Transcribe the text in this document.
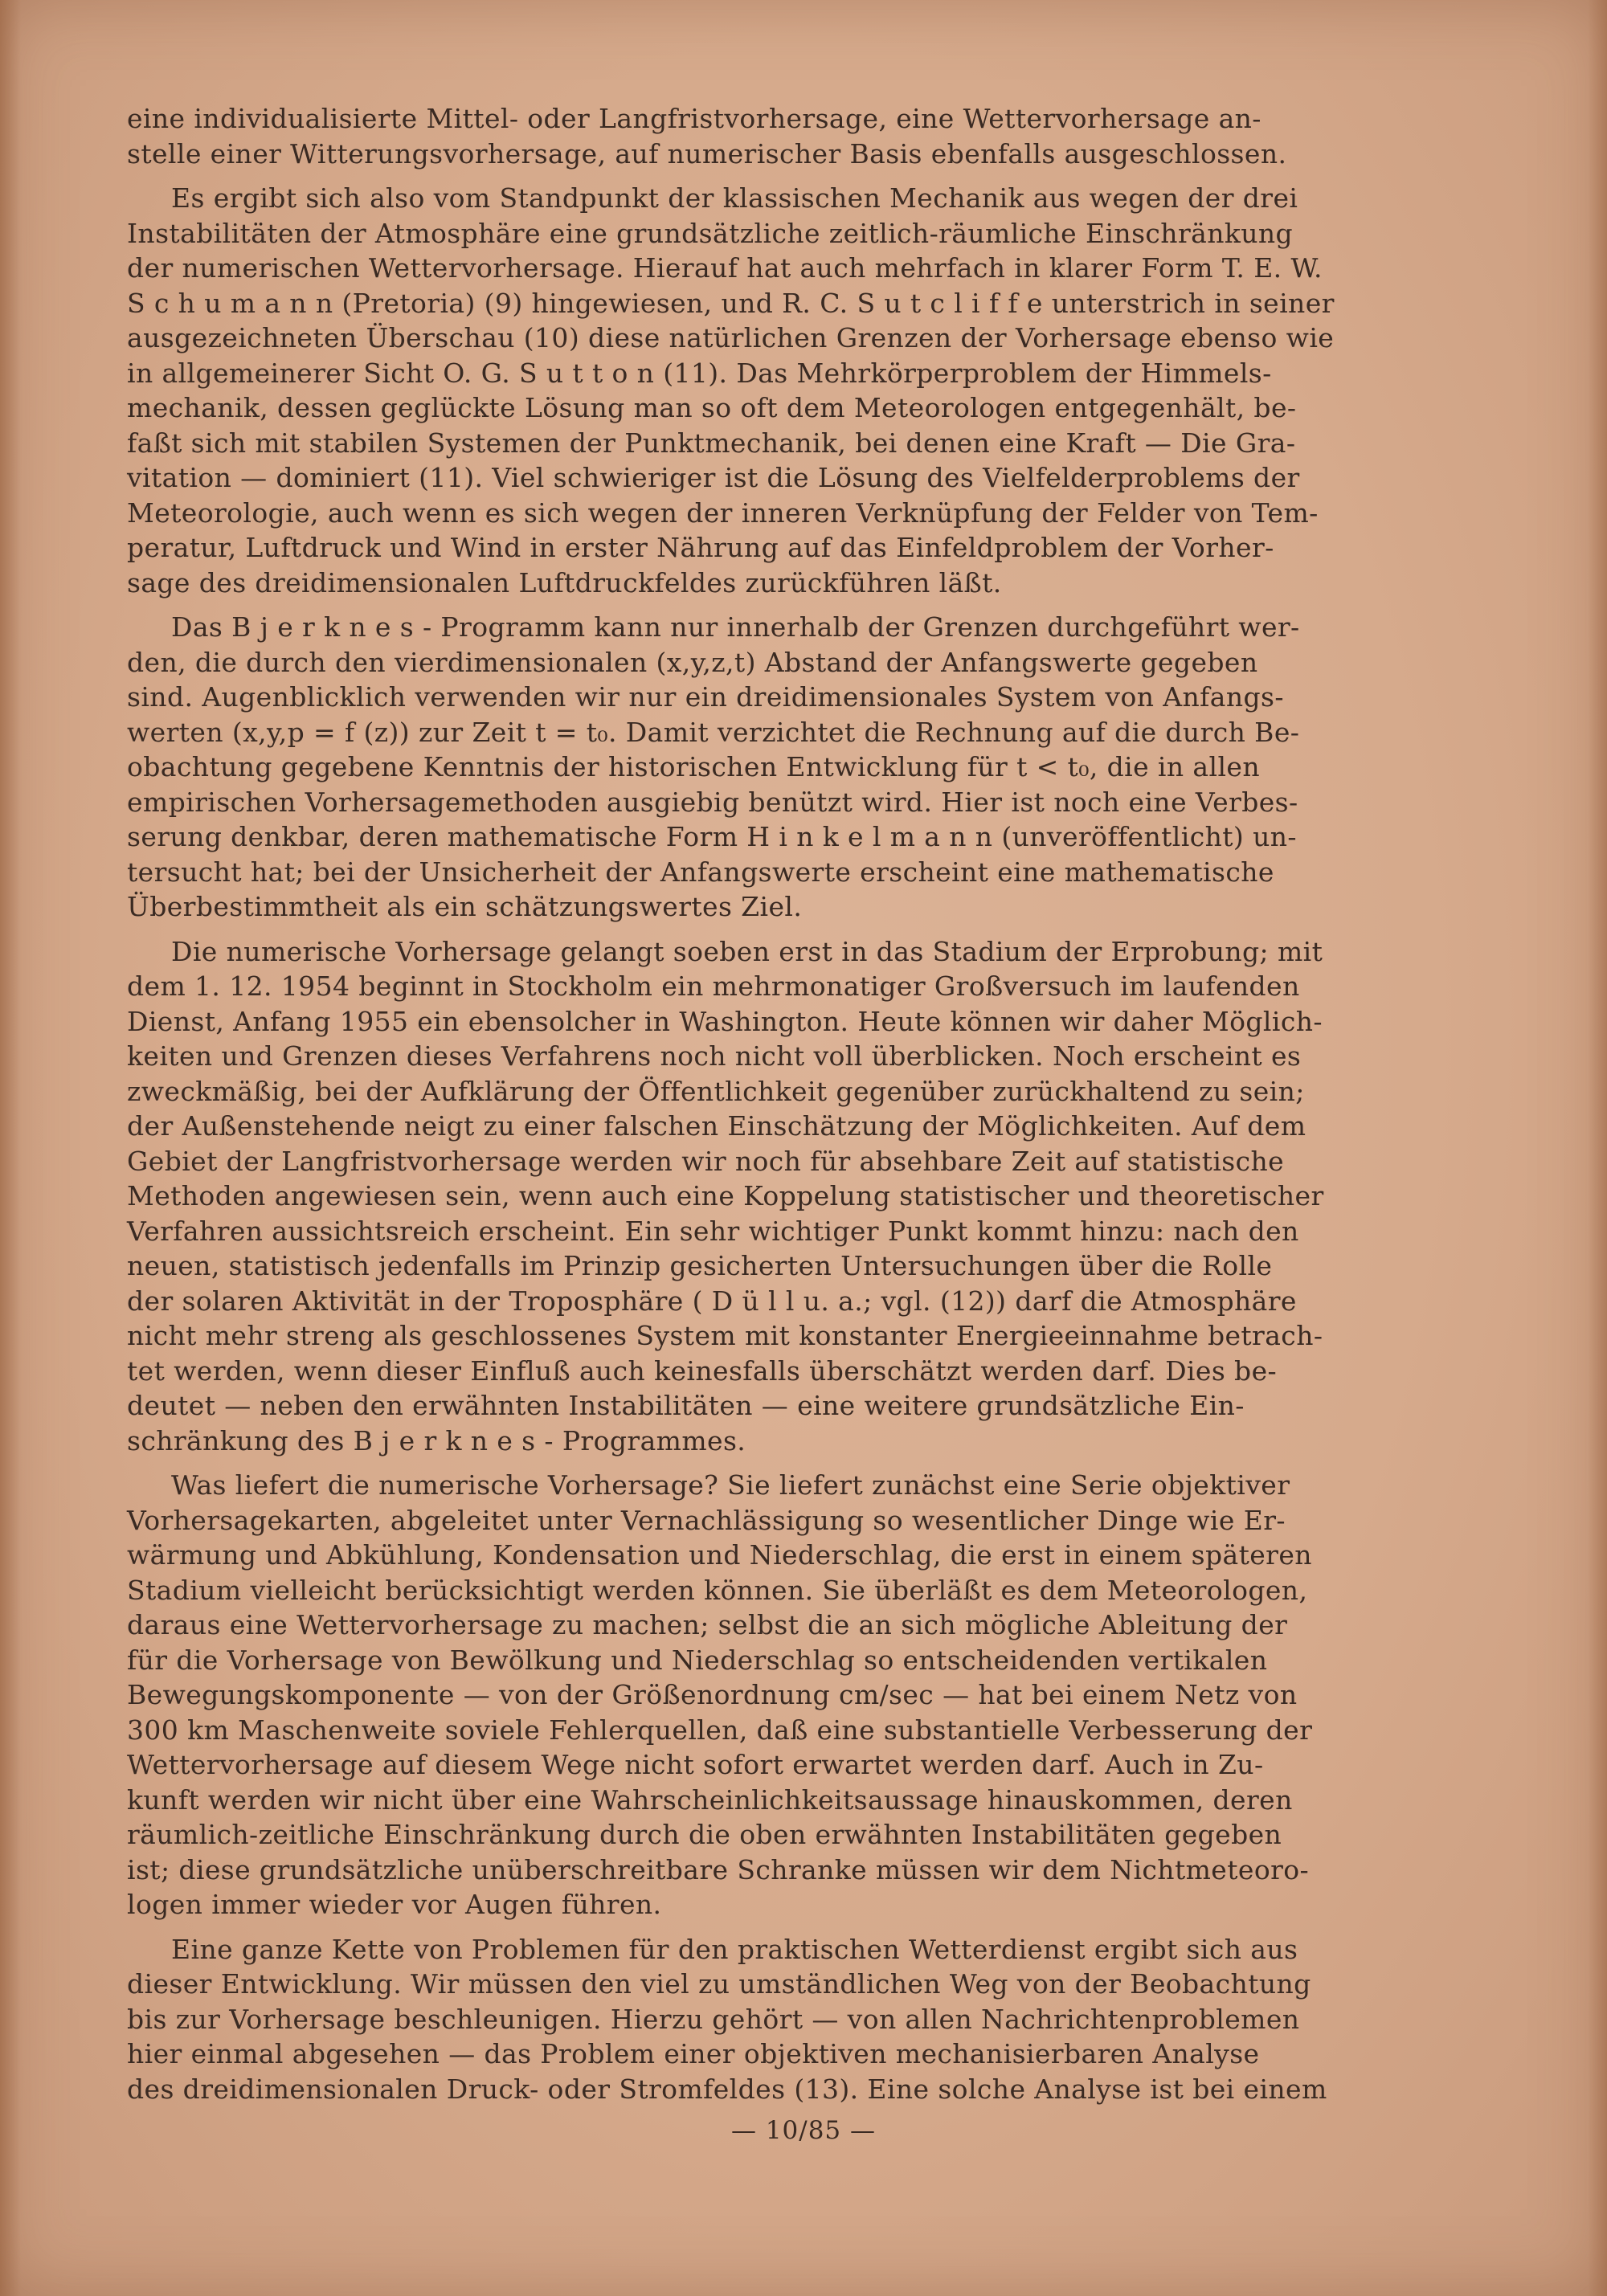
eine individualisierte Mittel- oder Langfristvorhersage, eine Wettervorhersage an-
stelle einer Witterungsvorhersage, auf numerischer Basis ebenfalls ausgeschlossen.

Es ergibt sich also vom Standpunkt der klassischen Mechanik aus wegen der drei
Instabilitäten der Atmosphäre eine grundsätzliche zeitlich-räumliche Einschränkung
der numerischen Wettervorhersage. Hierauf hat auch mehrfach in klarer Form T. E. W.
S c h u m a n n (Pretoria) (9) hingewiesen, und R. C. S u t c l i f f e unterstrich in seiner
ausgezeichneten Überschau (10) diese natürlichen Grenzen der Vorhersage ebenso wie
in allgemeinerer Sicht O. G. S u t t o n (11). Das Mehrkörperproblem der Himmels-
mechanik, dessen geglückte Lösung man so oft dem Meteorologen entgegenhält, be-
faßt sich mit stabilen Systemen der Punktmechanik, bei denen eine Kraft — Die Gra-
vitation — dominiert (11). Viel schwieriger ist die Lösung des Vielfelderproblems der
Meteorologie, auch wenn es sich wegen der inneren Verknüpfung der Felder von Tem-
peratur, Luftdruck und Wind in erster Nährung auf das Einfeldproblem der Vorher-
sage des dreidimensionalen Luftdruckfeldes zurückführen läßt.

Das B j e r k n e s - Programm kann nur innerhalb der Grenzen durchgeführt wer-
den, die durch den vierdimensionalen (x,y,z,t) Abstand der Anfangswerte gegeben
sind. Augenblicklich verwenden wir nur ein dreidimensionales System von Anfangs-
werten (x,y,p = f (z)) zur Zeit t = t₀. Damit verzichtet die Rechnung auf die durch Be-
obachtung gegebene Kenntnis der historischen Entwicklung für t < t₀, die in allen
empirischen Vorhersagemethoden ausgiebig benützt wird. Hier ist noch eine Verbes-
serung denkbar, deren mathematische Form H i n k e l m a n n (unveröffentlicht) un-
tersucht hat; bei der Unsicherheit der Anfangswerte erscheint eine mathematische
Überbestimmtheit als ein schätzungswertes Ziel.

Die numerische Vorhersage gelangt soeben erst in das Stadium der Erprobung; mit
dem 1. 12. 1954 beginnt in Stockholm ein mehrmonatiger Großversuch im laufenden
Dienst, Anfang 1955 ein ebensolcher in Washington. Heute können wir daher Möglich-
keiten und Grenzen dieses Verfahrens noch nicht voll überblicken. Noch erscheint es
zweckmäßig, bei der Aufklärung der Öffentlichkeit gegenüber zurückhaltend zu sein;
der Außenstehende neigt zu einer falschen Einschätzung der Möglichkeiten. Auf dem
Gebiet der Langfristvorhersage werden wir noch für absehbare Zeit auf statistische
Methoden angewiesen sein, wenn auch eine Koppelung statistischer und theoretischer
Verfahren aussichtsreich erscheint. Ein sehr wichtiger Punkt kommt hinzu: nach den
neuen, statistisch jedenfalls im Prinzip gesicherten Untersuchungen über die Rolle
der solaren Aktivität in der Troposphäre ( D ü l l u. a.; vgl. (12)) darf die Atmosphäre
nicht mehr streng als geschlossenes System mit konstanter Energieeinnahme betrach-
tet werden, wenn dieser Einfluß auch keinesfalls überschätzt werden darf. Dies be-
deutet — neben den erwähnten Instabilitäten — eine weitere grundsätzliche Ein-
schränkung des B j e r k n e s - Programmes.

Was liefert die numerische Vorhersage? Sie liefert zunächst eine Serie objektiver
Vorhersagekarten, abgeleitet unter Vernachlässigung so wesentlicher Dinge wie Er-
wärmung und Abkühlung, Kondensation und Niederschlag, die erst in einem späteren
Stadium vielleicht berücksichtigt werden können. Sie überläßt es dem Meteorologen,
daraus eine Wettervorhersage zu machen; selbst die an sich mögliche Ableitung der
für die Vorhersage von Bewölkung und Niederschlag so entscheidenden vertikalen
Bewegungskomponente — von der Größenordnung cm/sec — hat bei einem Netz von
300 km Maschenweite soviele Fehlerquellen, daß eine substantielle Verbesserung der
Wettervorhersage auf diesem Wege nicht sofort erwartet werden darf. Auch in Zu-
kunft werden wir nicht über eine Wahrscheinlichkeitsaussage hinauskommen, deren
räumlich-zeitliche Einschränkung durch die oben erwähnten Instabilitäten gegeben
ist; diese grundsätzliche unüberschreitbare Schranke müssen wir dem Nichtmeteoro-
logen immer wieder vor Augen führen.

Eine ganze Kette von Problemen für den praktischen Wetterdienst ergibt sich aus
dieser Entwicklung. Wir müssen den viel zu umständlichen Weg von der Beobachtung
bis zur Vorhersage beschleunigen. Hierzu gehört — von allen Nachrichtenproblemen
hier einmal abgesehen — das Problem einer objektiven mechanisierbaren Analyse
des dreidimensionalen Druck- oder Stromfeldes (13). Eine solche Analyse ist bei einem

— 10/85 —
